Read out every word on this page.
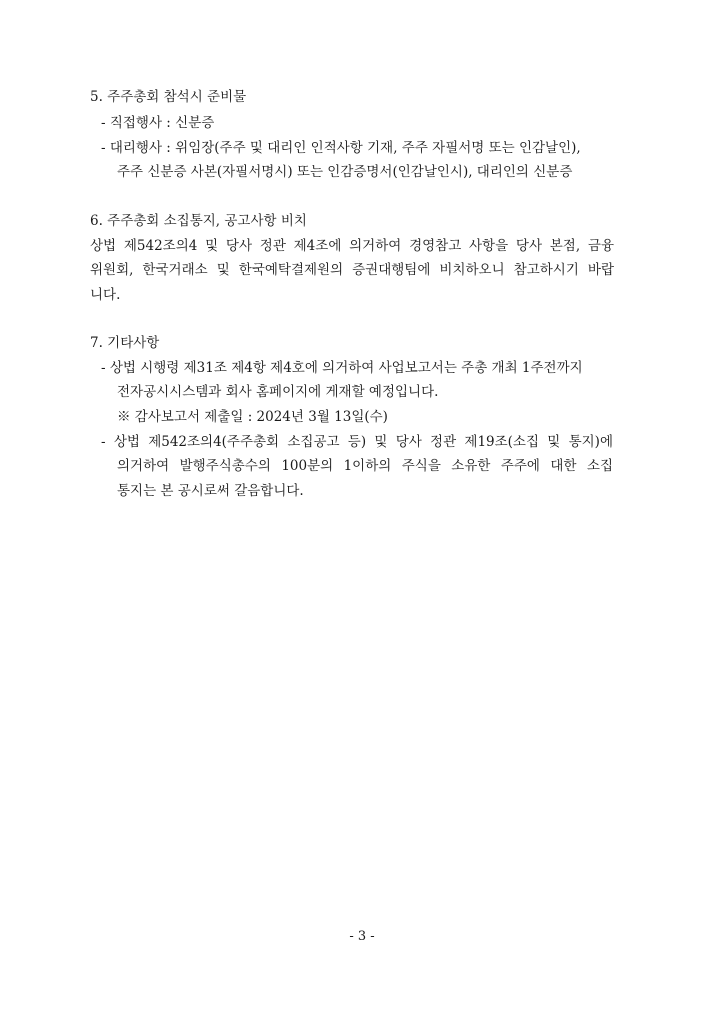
5. 주주총회 참석시 준비물
- 직접행사 : 신분증
- 대리행사 : 위임장(주주 및 대리인 인적사항 기재, 주주 자필서명 또는 인감날인),
주주 신분증 사본(자필서명시) 또는 인감증명서(인감날인시), 대리인의 신분증
6. 주주총회 소집통지, 공고사항 비치
상법 제542조의4 및 당사 정관 제4조에 의거하여 경영참고 사항을 당사 본점, 금융
위원회, 한국거래소 및 한국예탁결제원의 증권대행팀에 비치하오니 참고하시기 바랍
니다.
7. 기타사항
- 상법 시행령 제31조 제4항 제4호에 의거하여 사업보고서는 주총 개최 1주전까지
전자공시시스템과 회사 홈페이지에 게재할 예정입니다.
※ 감사보고서 제출일 : 2024년 3월 13일(수)
- 상법 제542조의4(주주총회 소집공고 등) 및 당사 정관 제19조(소집 및 통지)에
의거하여 발행주식총수의 100분의 1이하의 주식을 소유한 주주에 대한 소집
통지는 본 공시로써 갈음합니다.
- 3 -
